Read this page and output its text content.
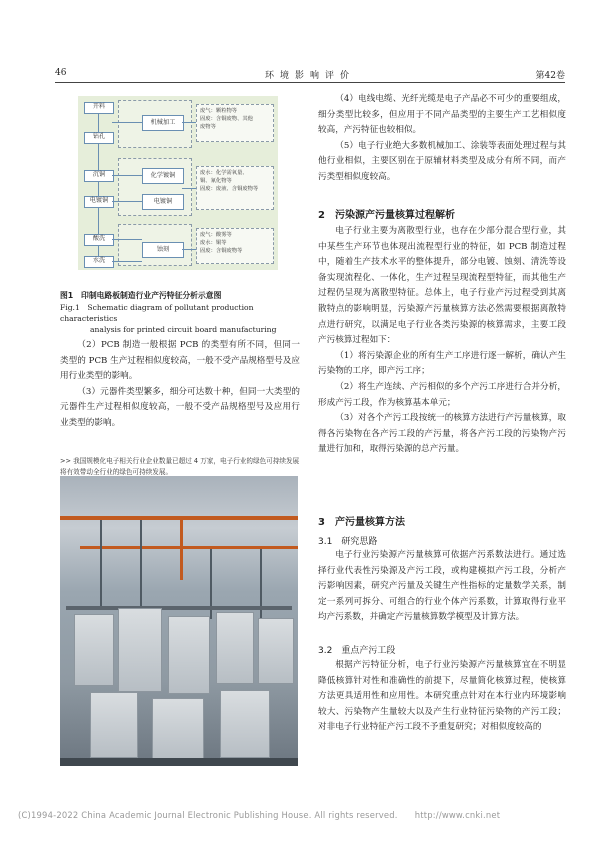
46	环境影响评价	第42卷
开料
钻孔
沉铜
电镀铜
酸洗
水洗
机械加工
废气：颗粒物等
固废：含铜废物、其他
废物等
化学镀铜
电镀铜
废水：化学需氧量、
铜、氰化物等
固废：废液、含铜废物等
蚀刻
废气：酸雾等
废水：铜等
固废：含铜废物等
图1　印制电路板制造行业产污特征分析示意图
Fig.1　Schematic diagram of pollutant production characteristics
analysis for printed circuit board manufacturing

（2）PCB 制造一般根据 PCB 的类型有所不同，但同一类型的 PCB 生产过程相似度较高，一般不受产品规格型号及应用行业类型的影响。

（3）元器件类型繁多，细分可达数十种，但同一大类型的元器件生产过程相似度较高，一般不受产品规格型号及应用行业类型的影响。

>> 我国规模化电子相关行业企业数量已超过 4 万家，电子行业的绿色可持续发展将有效带动全行业的绿色可持续发展。

（4）电线电缆、光纤光缆是电子产品必不可少的重要组成，细分类型比较多，但应用于不同产品类型的主要生产工艺相似度较高，产污特征也较相似。

（5）电子行业绝大多数机械加工、涂装等表面处理过程与其他行业相似，主要区别在于原辅材料类型及成分有所不同，而产污类型相似度较高。

2　污染源产污量核算过程解析

电子行业主要为离散型行业，也存在少部分混合型行业，其中某些生产环节也体现出流程型行业的特征，如 PCB 制造过程中，随着生产技术水平的整体提升，部分电镀、蚀刻、清洗等设备实现流程化、一体化，生产过程呈现流程型特征，而其他生产过程仍呈现为离散型特征。总体上，电子行业产污过程受到其离散特点的影响明显，污染源产污量核算方法必然需要根据离散特点进行研究，以满足电子行业各类污染源的核算需求，主要工段产污核算过程如下：

（1）将污染源企业的所有生产工序进行逐一解析，确认产生污染物的工序，即产污工序；

（2）将生产连续、产污相似的多个产污工序进行合并分析，形成产污工段，作为核算基本单元；

（3）对各个产污工段按统一的核算方法进行产污量核算，取得各污染物在各产污工段的产污量，将各产污工段的污染物产污量进行加和，取得污染源的总产污量。

3　产污量核算方法
3.1　研究思路

电子行业污染源产污量核算可依据产污系数法进行。通过选择行业代表性污染源及产污工段，或构建模拟产污工段，分析产污影响因素，研究产污量及关键生产性指标的定量数学关系，制定一系列可拆分、可组合的行业个体产污系数，计算取得行业平均产污系数，并确定产污量核算数学模型及计算方法。

3.2　重点产污工段

根据产污特征分析，电子行业污染源产污量核算宜在不明显降低核算针对性和准确性的前提下，尽量简化核算过程，使核算方法更具适用性和应用性。本研究重点针对在本行业内环境影响较大、污染物产生量较大以及产生行业特征污染物的产污工段；对非电子行业特征产污工段不予重复研究；对相似度较高的

(C)1994-2022 China Academic Journal Electronic Publishing House. All rights reserved.　　http://www.cnki.net
